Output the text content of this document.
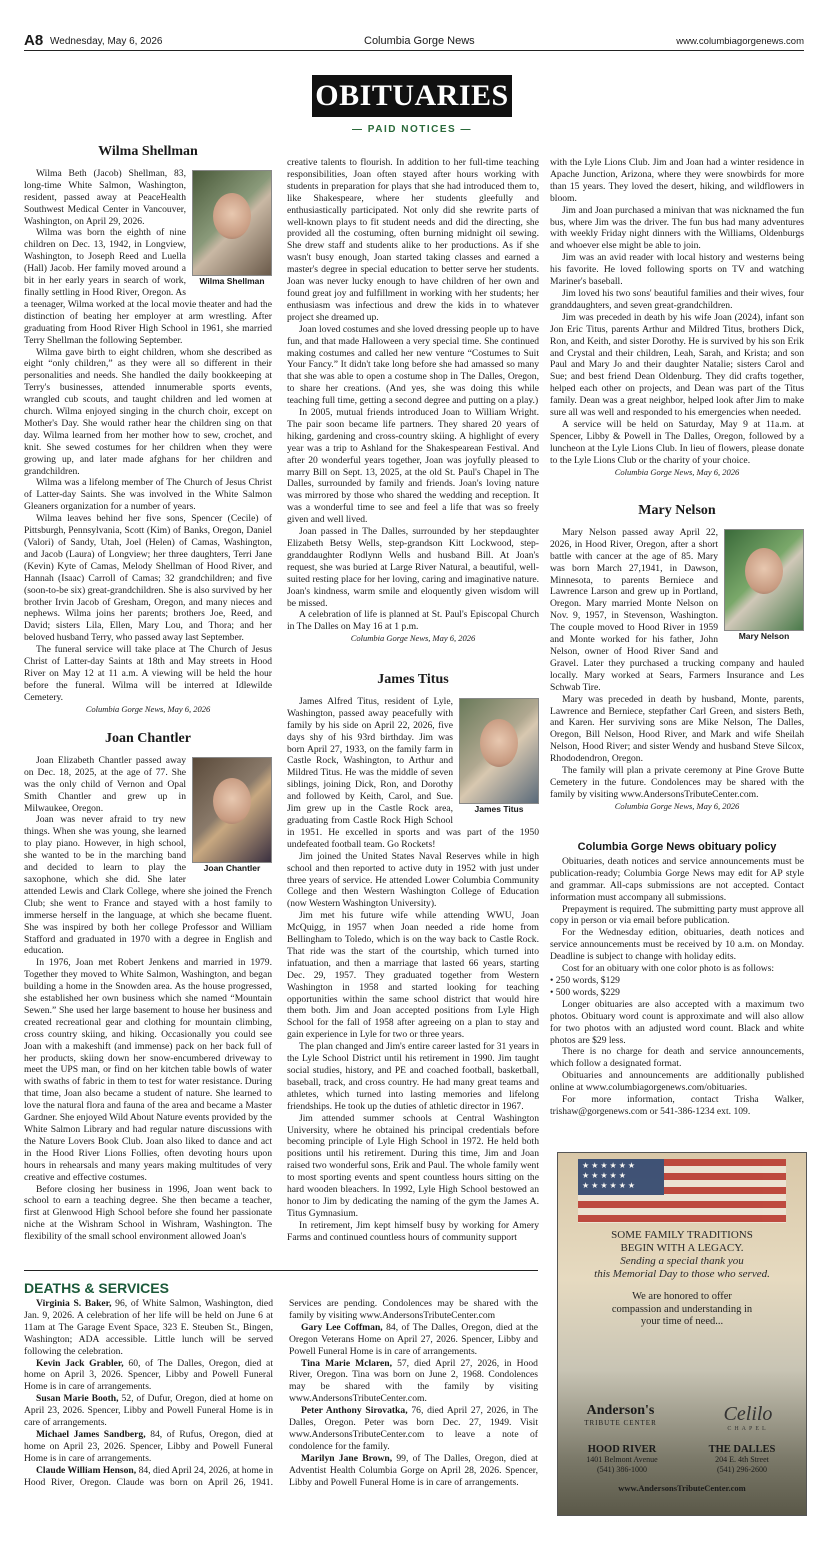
A8 Wednesday, May 6, 2026	Columbia Gorge News	www.columbiagorgenews.com
OBITUARIES
— PAID NOTICES —
Wilma Shellman
Wilma Shellman

Wilma Beth (Jacob) Shellman, 83, long-time White Salmon, Washington, resident, passed away at PeaceHealth Southwest Medical Center in Vancouver, Washington, on April 29, 2026.

Wilma was born the eighth of nine children on Dec. 13, 1942, in Longview, Washington, to Joseph Reed and Luella (Hall) Jacob. Her family moved around a bit in her early years in search of work, finally settling in Hood River, Oregon. As a teenager, Wilma worked at the local movie theater and had the distinction of beating her employer at arm wrestling. After graduating from Hood River High School in 1961, she married Terry Shellman the following September.

Wilma gave birth to eight children, whom she described as eight “only children,” as they were all so different in their personalities and needs. She handled the daily bookkeeping at Terry's businesses, attended innumerable sports events, wrangled cub scouts, and taught children and led women at church. Wilma enjoyed singing in the church choir, except on Mother's Day. She would rather hear the children sing on that day. Wilma learned from her mother how to sew, crochet, and knit. She sewed costumes for her children when they were growing up, and later made afghans for her children and grandchildren.

Wilma was a lifelong member of The Church of Jesus Christ of Latter-day Saints. She was involved in the White Salmon Gleaners organization for a number of years.

Wilma leaves behind her five sons, Spencer (Cecile) of Pittsburgh, Pennsylvania, Scott (Kim) of Banks, Oregon, Daniel (Valori) of Sandy, Utah, Joel (Helen) of Camas, Washington, and Jacob (Laura) of Longview; her three daughters, Terri Jane (Kevin) Kyte of Camas, Melody Shellman of Hood River, and Hannah (Isaac) Carroll of Camas; 32 grandchildren; and five (soon-to-be six) great-grandchildren. She is also survived by her brother Irvin Jacob of Gresham, Oregon, and many nieces and nephews. Wilma joins her parents; brothers Joe, Reed, and David; sisters Lila, Ellen, Mary Lou, and Thora; and her beloved husband Terry, who passed away last September.

The funeral service will take place at The Church of Jesus Christ of Latter-day Saints at 18th and May streets in Hood River on May 12 at 11 a.m. A viewing will be held the hour before the funeral. Wilma will be interred at Idlewilde Cemetery.

Columbia Gorge News, May 6, 2026
Joan Chantler
Joan Chantler

Joan Elizabeth Chantler passed away on Dec. 18, 2025, at the age of 77. She was the only child of Vernon and Opal Smith Chantler and grew up in Milwaukee, Oregon.

Joan was never afraid to try new things. When she was young, she learned to play piano. However, in high school, she wanted to be in the marching band and decided to learn to play the saxophone, which she did. She later attended Lewis and Clark College, where she joined the French Club; she went to France and stayed with a host family to immerse herself in the language, at which she became fluent. She was inspired by both her college Professor and William Stafford and graduated in 1970 with a degree in English and education.

In 1976, Joan met Robert Jenkens and married in 1979. Together they moved to White Salmon, Washington, and began building a home in the Snowden area. As the house progressed, she established her own business which she named “Mountain Sewen.” She used her large basement to house her business and created recreational gear and clothing for mountain climbing, cross country skiing, and hiking. Occasionally you could see Joan with a makeshift (and immense) pack on her back full of her products, skiing down her snow-encumbered driveway to meet the UPS man, or find on her kitchen table bowls of water with swaths of fabric in them to test for water resistance. During that time, Joan also became a student of nature. She learned to love the natural flora and fauna of the area and became a Master Gardner. She enjoyed Wild About Nature events provided by the White Salmon Library and had regular nature discussions with the Nature Lovers Book Club. Joan also liked to dance and act in the Hood River Lions Follies, often devoting hours upon hours in rehearsals and many years making multitudes of very creative and effective costumes.

Before closing her business in 1996, Joan went back to school to earn a teaching degree. She then became a teacher, first at Glenwood High School before she found her passionate niche at the Wishram School in Wishram, Washington. The flexibility of the small school environment allowed Joan's

creative talents to flourish. In addition to her full-time teaching responsibilities, Joan often stayed after hours working with students in preparation for plays that she had introduced them to, like Shakespeare, where her students gleefully and enthusiastically participated. Not only did she rewrite parts of well-known plays to fit student needs and did the directing, she provided all the costuming, often burning midnight oil sewing. She drew staff and students alike to her productions. As if she wasn't busy enough, Joan started taking classes and earned a master's degree in special education to better serve her students. Joan was never lucky enough to have children of her own and found great joy and fulfillment in working with her students; her enthusiasm was infectious and drew the kids in to whatever project she dreamed up.

Joan loved costumes and she loved dressing people up to have fun, and that made Halloween a very special time. She continued making costumes and called her new venture “Costumes to Suit Your Fancy.” It didn't take long before she had amassed so many that she was able to open a costume shop in The Dalles, Oregon, to share her creations. (And yes, she was doing this while teaching full time, getting a second degree and putting on a play.)

In 2005, mutual friends introduced Joan to William Wright. The pair soon became life partners. They shared 20 years of hiking, gardening and cross-country skiing. A highlight of every year was a trip to Ashland for the Shakespearean Festival. And after 20 wonderful years together, Joan was joyfully pleased to marry Bill on Sept. 13, 2025, at the old St. Paul's Chapel in The Dalles, surrounded by family and friends. Joan's loving nature was mirrored by those who shared the wedding and reception. It was a wonderful time to see and feel a life that was so freely given and well lived.

Joan passed in The Dalles, surrounded by her stepdaughter Elizabeth Betsy Wells, step-grandson Kitt Lockwood, step-granddaughter Rodlynn Wells and husband Bill. At Joan's request, she was buried at Large River Natural, a beautiful, well-suited resting place for her loving, caring and imaginative nature. Joan's kindness, warm smile and eloquently given wisdom will be missed.

A celebration of life is planned at St. Paul's Episcopal Church in The Dalles on May 16 at 1 p.m.

Columbia Gorge News, May 6, 2026
James Titus
James Titus

James Alfred Titus, resident of Lyle, Washington, passed away peacefully with family by his side on April 22, 2026, five days shy of his 93rd birthday. Jim was born April 27, 1933, on the family farm in Castle Rock, Washington, to Arthur and Mildred Titus. He was the middle of seven siblings, joining Dick, Ron, and Dorothy and followed by Keith, Carol, and Sue. Jim grew up in the Castle Rock area, graduating from Castle Rock High School in 1951. He excelled in sports and was part of the 1950 undefeated football team. Go Rockets!

Jim joined the United States Naval Reserves while in high school and then reported to active duty in 1952 with just under three years of service. He attended Lower Columbia Community College and then Western Washington College of Education (now Western Washington University).

Jim met his future wife while attending WWU, Joan McQuigg, in 1957 when Joan needed a ride home from Bellingham to Toledo, which is on the way back to Castle Rock. That ride was the start of the courtship, which turned into infatuation, and then a marriage that lasted 66 years, starting Dec. 29, 1957. They graduated together from Western Washington in 1958 and started looking for teaching opportunities within the same school district that would hire them both. Jim and Joan accepted positions from Lyle High School for the fall of 1958 after agreeing on a plan to stay and gain experience in Lyle for two or three years.

The plan changed and Jim's entire career lasted for 31 years in the Lyle School District until his retirement in 1990. Jim taught social studies, history, and PE and coached football, basketball, baseball, track, and cross country. He had many great teams and athletes, which turned into lasting memories and lifelong friendships. He took up the duties of athletic director in 1967.

Jim attended summer schools at Central Washington University, where he obtained his principal credentials before becoming principle of Lyle High School in 1972. He held both positions until his retirement. During this time, Jim and Joan raised two wonderful sons, Erik and Paul. The whole family went to most sporting events and spent countless hours sitting on the hard wooden bleachers. In 1992, Lyle High School bestowed an honor to Jim by dedicating the naming of the gym the James A. Titus Gymnasium.

In retirement, Jim kept himself busy by working for Amery Farms and continued countless hours of community support

with the Lyle Lions Club. Jim and Joan had a winter residence in Apache Junction, Arizona, where they were snowbirds for more than 15 years. They loved the desert, hiking, and wildflowers in bloom.

Jim and Joan purchased a minivan that was nicknamed the fun bus, where Jim was the driver. The fun bus had many adventures with weekly Friday night dinners with the Williams, Oldenburgs and whoever else might be able to join.

Jim was an avid reader with local history and westerns being his favorite. He loved following sports on TV and watching Mariner's baseball.

Jim loved his two sons' beautiful families and their wives, four granddaughters, and seven great-grandchildren.

Jim was preceded in death by his wife Joan (2024), infant son Jon Eric Titus, parents Arthur and Mildred Titus, brothers Dick, Ron, and Keith, and sister Dorothy. He is survived by his son Erik and Crystal and their children, Leah, Sarah, and Krista; and son Paul and Mary Jo and their daughter Natalie; sisters Carol and Sue; and best friend Dean Oldenburg. They did crafts together, helped each other on projects, and Dean was part of the Titus family. Dean was a great neighbor, helped look after Jim to make sure all was well and responded to his emergencies when needed.

A service will be held on Saturday, May 9 at 11a.m. at Spencer, Libby & Powell in The Dalles, Oregon, followed by a luncheon at the Lyle Lions Club. In lieu of flowers, please donate to the Lyle Lions Club or the charity of your choice.

Columbia Gorge News, May 6, 2026
Mary Nelson
Mary Nelson

Mary Nelson passed away April 22, 2026, in Hood River, Oregon, after a short battle with cancer at the age of 85. Mary was born March 27,1941, in Dawson, Minnesota, to parents Berniece and Lawrence Larson and grew up in Portland, Oregon. Mary married Monte Nelson on Nov. 9, 1957, in Stevenson, Washington. The couple moved to Hood River in 1959 and Monte worked for his father, John Nelson, owner of Hood River Sand and Gravel. Later they purchased a trucking company and hauled locally. Mary worked at Sears, Farmers Insurance and Les Schwab Tire.

Mary was preceded in death by husband, Monte, parents, Lawrence and Berniece, stepfather Carl Green, and sisters Beth, and Karen. Her surviving sons are Mike Nelson, The Dalles, Oregon, Bill Nelson, Hood River, and Mark and wife Sheilah Nelson, Hood River; and sister Wendy and husband Steve Silcox, Rhododendron, Oregon.

The family will plan a private ceremony at Pine Grove Butte Cemetery in the future. Condolences may be shared with the family by visiting www.AndersonsTributeCenter.com.

Columbia Gorge News, May 6, 2026
Columbia Gorge News obituary policy

Obituaries, death notices and service announcements must be publication-ready; Columbia Gorge News may edit for AP style and grammar. All-caps submissions are not accepted. Contact information must accompany all submissions.

Prepayment is required. The submitting party must approve all copy in person or via email before publication.

For the Wednesday edition, obituaries, death notices and service announcements must be received by 10 a.m. on Monday. Deadline is subject to change with holiday edits.

Cost for an obituary with one color photo is as follows:

• 250 words, $129

• 500 words, $229

Longer obituaries are also accepted with a maximum two photos. Obituary word count is approximate and will also allow for two photos with an adjusted word count. Black and white photos are $29 less.

There is no charge for death and service announcements, which follow a designated format.

Obituaries and announcements are additionally published online at www.columbiagorgenews.com/obituaries.

For more information, contact Trisha Walker, trishaw@gorgenews.com or 541-386-1234 ext. 109.

DEATHS & SERVICES

Virginia S. Baker, 96, of White Salmon, Washington, died Jan. 9, 2026. A celebration of her life will be held on June 6 at 11am at The Garage Event Space, 323 E. Steuben St., Bingen, Washington; ADA accessible. Little lunch will be served following the celebration.

Kevin Jack Grabler, 60, of The Dalles, Oregon, died at home on April 3, 2026. Spencer, Libby and Powell Funeral Home is in care of arrangements.

Susan Marie Booth, 52, of Dufur, Oregon, died at home on April 23, 2026. Spencer, Libby and Powell Funeral Home is in care of arrangements.

Michael James Sandberg, 84, of Rufus, Oregon, died at home on April 23, 2026. Spencer, Libby and Powell Funeral Home is in care of arrangements.

Claude William Henson, 84, died April 24, 2026, at home in Hood River, Oregon. Claude was born on April 26, 1941. Services are pending. Condolences may be shared with the family by visiting www.AndersonsTributeCenter.com

Gary Lee Coffman, 84, of The Dalles, Oregon, died at the Oregon Veterans Home on April 27, 2026. Spencer, Libby and Powell Funeral Home is in care of arrangements.

Tina Marie Mclaren, 57, died April 27, 2026, in Hood River, Oregon. Tina was born on June 2, 1968. Condolences may be shared with the family by visiting www.AndersonsTributeCenter.com.

Peter Anthony Sirovatka, 76, died April 27, 2026, in The Dalles, Oregon. Peter was born Dec. 27, 1949. Visit www.AndersonsTributeCenter.com to leave a note of condolence for the family.

Marilyn Jane Brown, 99, of The Dalles, Oregon, died at Adventist Health Columbia Gorge on April 28, 2026. Spencer, Libby and Powell Funeral Home is in care of arrangements.

★★★★★★ ★★★★★ ★★★★★★
SOME FAMILY TRADITIONS
BEGIN WITH A LEGACY.
Sending a special thank you
this Memorial Day to those who served.
We are honored to offer
compassion and understanding in
your time of need...
Anderson's
TRIBUTE CENTER	Celilo
CHAPEL
HOOD RIVER
1401 Belmont Avenue
(541) 386-1000
THE DALLES
204 E. 4th Street
(541) 296-2600
www.AndersonsTributeCenter.com
